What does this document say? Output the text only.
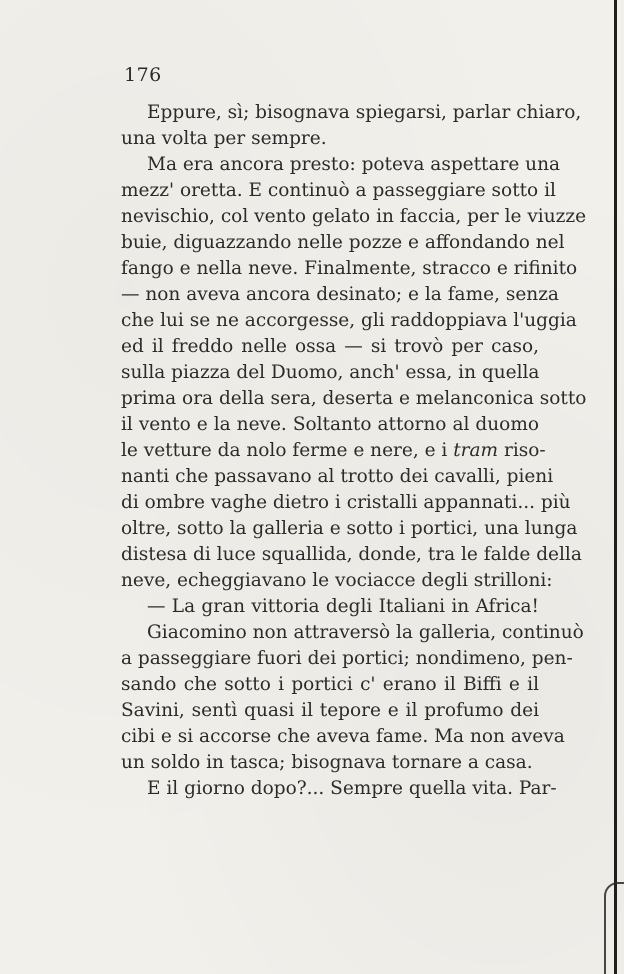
176
Eppure, sì; bisognava spiegarsi, parlar chiaro,
una volta per sempre.
Ma era ancora presto: poteva aspettare una
mezz' oretta. E continuò a passeggiare sotto il
nevischio, col vento gelato in faccia, per le viuzze
buie, diguazzando nelle pozze e affondando nel
fango e nella neve. Finalmente, stracco e rifinito
— non aveva ancora desinato; e la fame, senza
che lui se ne accorgesse, gli raddoppiava l'uggia
ed il freddo nelle ossa — si trovò per caso,
sulla piazza del Duomo, anch' essa, in quella
prima ora della sera, deserta e melanconica sotto
il vento e la neve. Soltanto attorno al duomo
le vetture da nolo ferme e nere, e i tram riso-
nanti che passavano al trotto dei cavalli, pieni
di ombre vaghe dietro i cristalli appannati... più
oltre, sotto la galleria e sotto i portici, una lunga
distesa di luce squallida, donde, tra le falde della
neve, echeggiavano le vociacce degli strilloni:
— La gran vittoria degli Italiani in Africa!
Giacomino non attraversò la galleria, continuò
a passeggiare fuori dei portici; nondimeno, pen-
sando che sotto i portici c' erano il Biffi e il
Savini, sentì quasi il tepore e il profumo dei
cibi e si accorse che aveva fame. Ma non aveva
un soldo in tasca; bisognava tornare a casa.
E il giorno dopo?... Sempre quella vita. Par-
